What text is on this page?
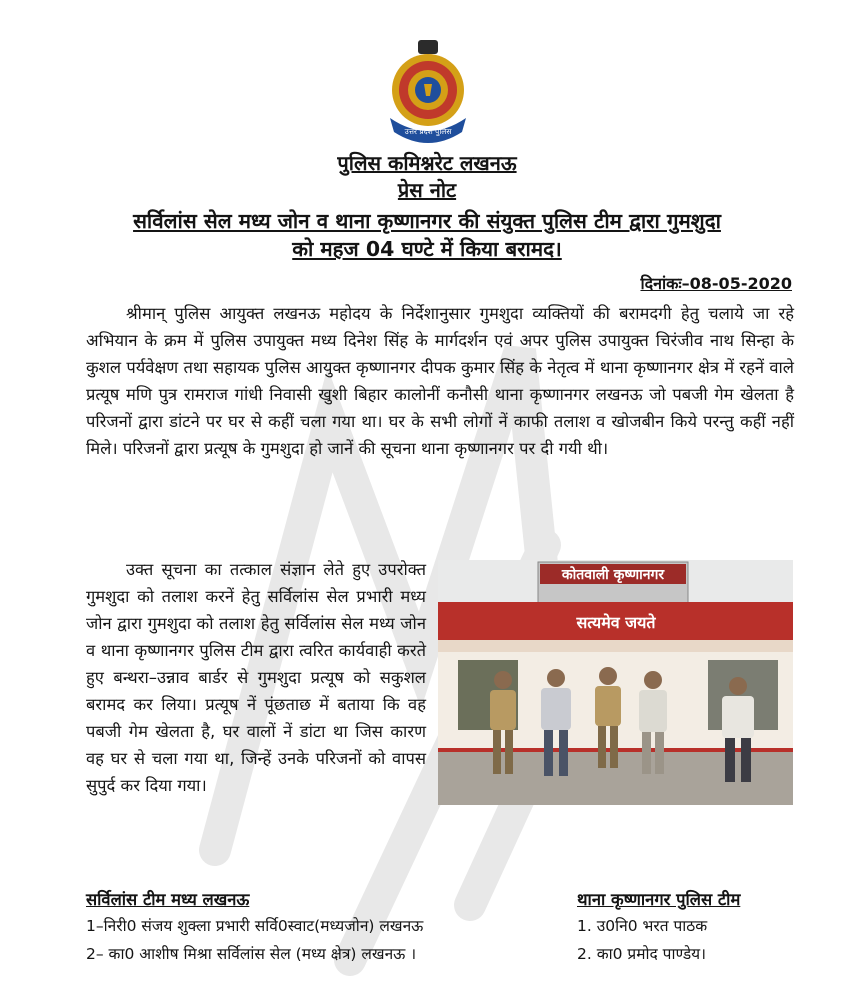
उत्तर प्रदेश पुलिस
पुलिस कमिश्नरेट लखनऊ
प्रेस नोट
सर्विलांस सेल मध्य जोन व थाना कृष्णानगर की संयुक्त पुलिस टीम द्वारा गुमशुदा
को महज 04 घण्टे में किया बरामद।
दिनांकः–08-05-2020

श्रीमान् पुलिस आयुक्त लखनऊ महोदय के निर्देशानुसार गुमशुदा व्यक्तियों की बरामदगी हेतु चलाये जा रहे अभियान के क्रम में पुलिस उपायुक्त मध्य दिनेश सिंह के मार्गदर्शन एवं अपर पुलिस उपायुक्त चिरंजीव नाथ सिन्हा के कुशल पर्यवेक्षण तथा सहायक पुलिस आयुक्त कृष्णानगर दीपक कुमार सिंह के नेतृत्व में थाना कृष्णानगर क्षेत्र में रहनें वाले प्रत्यूष मणि पुत्र रामराज गांधी निवासी खुशी बिहार कालोनीं कनौसी थाना कृष्णानगर लखनऊ जो पबजी गेम खेलता है परिजनों द्वारा डांटने पर घर से कहीं चला गया था। घर के सभी लोगों नें काफी तलाश व खोजबीन किये परन्तु कहीं नहीं मिले। परिजनों द्वारा प्रत्यूष के गुमशुदा हो जानें की सूचना थाना कृष्णानगर पर दी गयी थी।

उक्त सूचना का तत्काल संज्ञान लेते हुए उपरोक्त गुमशुदा को तलाश करनें हेतु सर्विलांस सेल प्रभारी मध्य जोन द्वारा गुमशुदा को तलाश हेतु सर्विलांस सेल मध्य जोन व थाना कृष्णानगर पुलिस टीम द्वारा त्वरित कार्यवाही करते हुए बन्थरा–उन्नाव बार्डर से गुमशुदा प्रत्यूष को सकुशल बरामद कर लिया। प्रत्यूष नें पूंछताछ में बताया कि वह पबजी गेम खेलता है, घर वालों नें डांटा था जिस कारण वह घर से चला गया था, जिन्हें उनके परिजनों को वापस सुपुर्द कर दिया गया।

कोतवाली कृष्णानगर
सत्यमेव जयते
सर्विलांस टीम मध्य लखनऊ
1–निरी0 संजय शुक्ला प्रभारी सर्वि0स्वाट(मध्यजोन) लखनऊ
2– का0 आशीष मिश्रा सर्विलांस सेल (मध्य क्षेत्र) लखनऊ ।
थाना कृष्णानगर पुलिस टीम
1. उ0नि0 भरत पाठक
2. का0 प्रमोद पाण्डेय।
